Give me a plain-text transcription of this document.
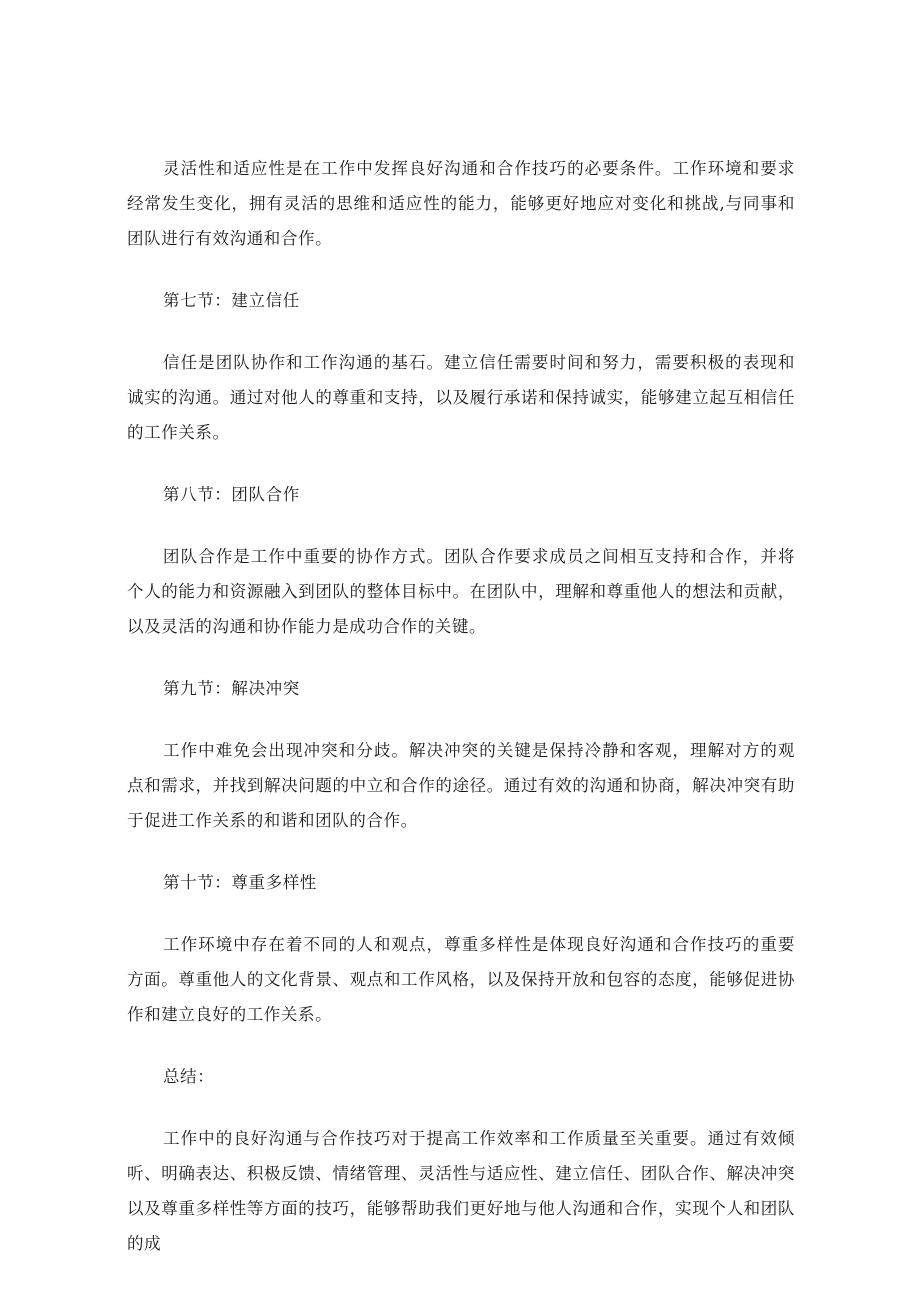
灵活性和适应性是在工作中发挥良好沟通和合作技巧的必要条件。工作环境和要求经常发生变化，拥有灵活的思维和适应性的能力，能够更好地应对变化和挑战,与同事和团队进行有效沟通和合作。

第七节：建立信任

信任是团队协作和工作沟通的基石。建立信任需要时间和努力，需要积极的表现和诚实的沟通。通过对他人的尊重和支持，以及履行承诺和保持诚实，能够建立起互相信任的工作关系。

第八节：团队合作

团队合作是工作中重要的协作方式。团队合作要求成员之间相互支持和合作，并将个人的能力和资源融入到团队的整体目标中。在团队中，理解和尊重他人的想法和贡献，以及灵活的沟通和协作能力是成功合作的关键。

第九节：解决冲突

工作中难免会出现冲突和分歧。解决冲突的关键是保持冷静和客观，理解对方的观点和需求，并找到解决问题的中立和合作的途径。通过有效的沟通和协商，解决冲突有助于促进工作关系的和谐和团队的合作。

第十节：尊重多样性

工作环境中存在着不同的人和观点，尊重多样性是体现良好沟通和合作技巧的重要方面。尊重他人的文化背景、观点和工作风格，以及保持开放和包容的态度，能够促进协作和建立良好的工作关系。

总结：

工作中的良好沟通与合作技巧对于提高工作效率和工作质量至关重要。通过有效倾听、明确表达、积极反馈、情绪管理、灵活性与适应性、建立信任、团队合作、解决冲突以及尊重多样性等方面的技巧，能够帮助我们更好地与他人沟通和合作，实现个人和团队的成
